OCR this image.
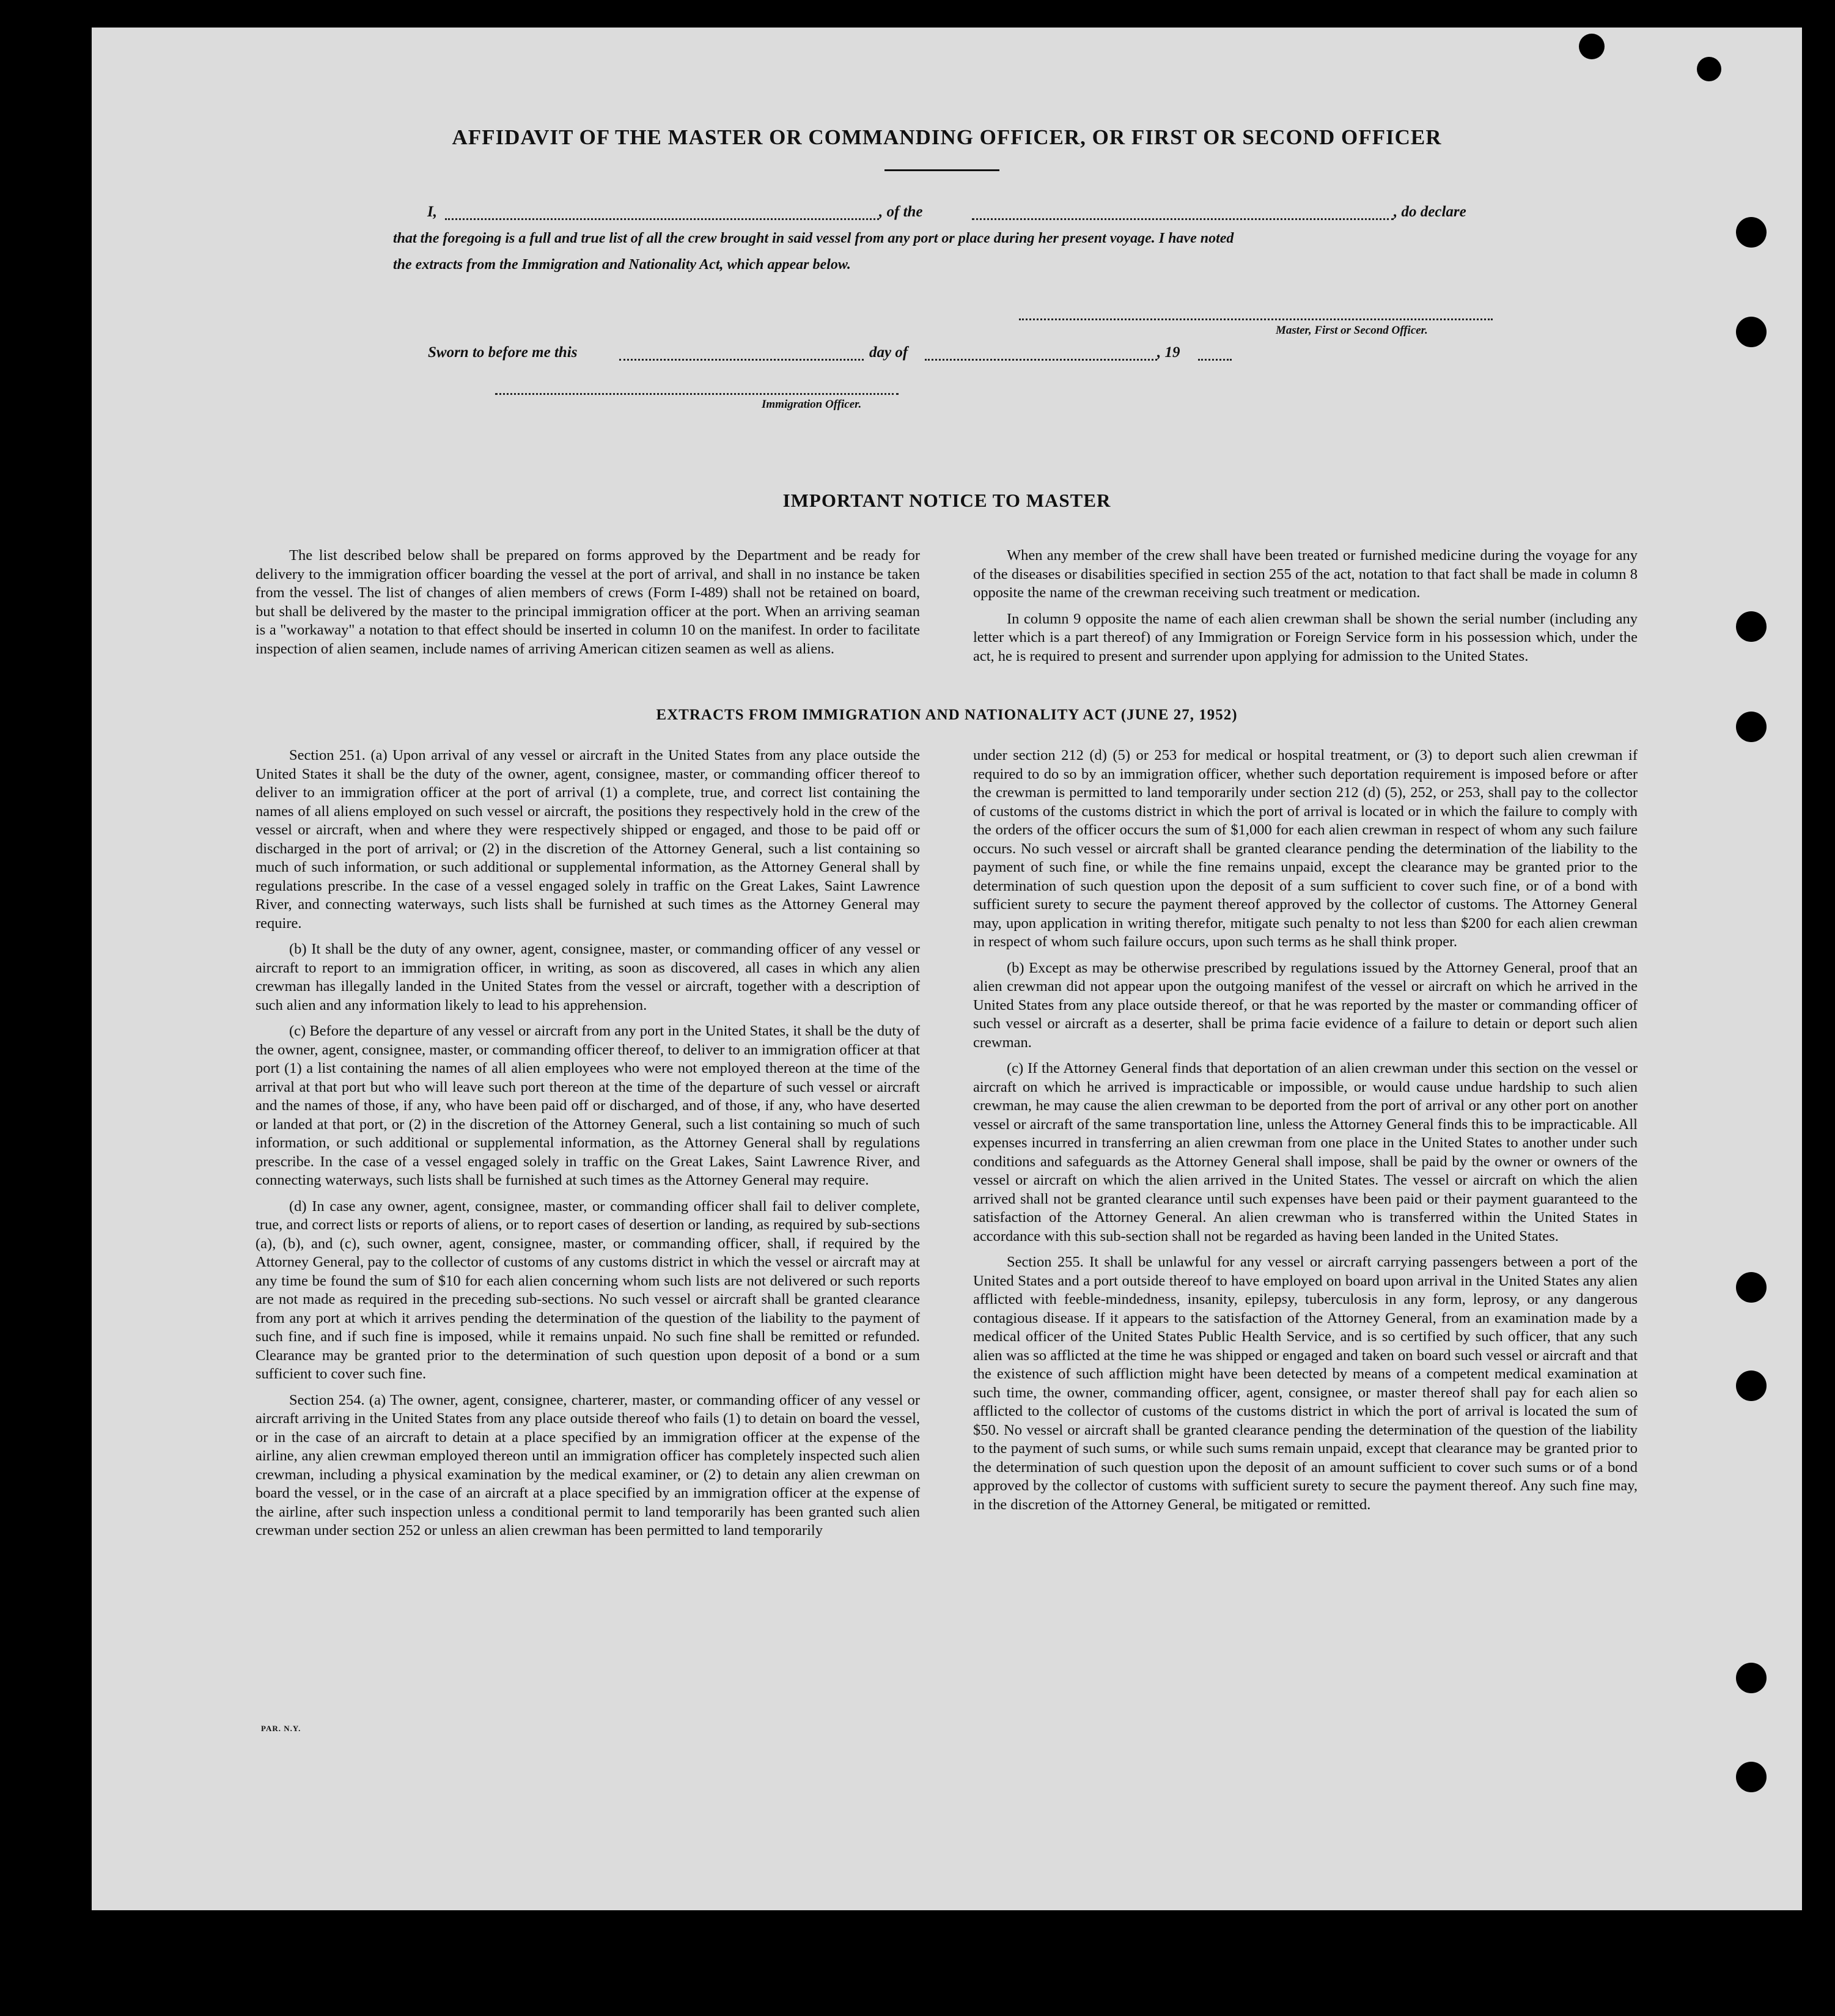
AFFIDAVIT OF THE MASTER OR COMMANDING OFFICER, OR FIRST OR SECOND OFFICER
I,	, of the	, do declare
that the foregoing is a full and true list of all the crew brought in said vessel from any port or place during her present voyage. I have noted
the extracts from the Immigration and Nationality Act, which appear below.
Master, First or Second Officer.
Sworn to before me this	day of	, 19
Immigration Officer.
IMPORTANT NOTICE TO MASTER

The list described below shall be prepared on forms approved by the Department and be ready for delivery to the immigration officer boarding the vessel at the port of arrival, and shall in no instance be taken from the vessel. The list of changes of alien members of crews (Form I-489) shall not be retained on board, but shall be delivered by the master to the principal immigration officer at the port. When an arriving seaman is a "workaway" a notation to that effect should be inserted in column 10 on the manifest. In order to facilitate inspection of alien seamen, include names of arriving American citizen seamen as well as aliens.

When any member of the crew shall have been treated or furnished medicine during the voyage for any of the diseases or disabilities specified in section 255 of the act, notation to that fact shall be made in column 8 opposite the name of the crewman receiving such treatment or medication.

In column 9 opposite the name of each alien crewman shall be shown the serial number (including any letter which is a part thereof) of any Immigration or Foreign Service form in his possession which, under the act, he is required to present and surrender upon applying for admission to the United States.

EXTRACTS FROM IMMIGRATION AND NATIONALITY ACT (JUNE 27, 1952)

Section 251. (a) Upon arrival of any vessel or aircraft in the United States from any place outside the United States it shall be the duty of the owner, agent, consignee, master, or commanding officer thereof to deliver to an immigration officer at the port of arrival (1) a complete, true, and correct list containing the names of all aliens employed on such vessel or aircraft, the positions they respectively hold in the crew of the vessel or aircraft, when and where they were respectively shipped or engaged, and those to be paid off or discharged in the port of arrival; or (2) in the discretion of the Attorney General, such a list containing so much of such information, or such additional or supplemental information, as the Attorney General shall by regulations prescribe. In the case of a vessel engaged solely in traffic on the Great Lakes, Saint Lawrence River, and connecting waterways, such lists shall be furnished at such times as the Attorney General may require.

(b) It shall be the duty of any owner, agent, consignee, master, or commanding officer of any vessel or aircraft to report to an immigration officer, in writing, as soon as discovered, all cases in which any alien crewman has illegally landed in the United States from the vessel or aircraft, together with a description of such alien and any information likely to lead to his apprehension.

(c) Before the departure of any vessel or aircraft from any port in the United States, it shall be the duty of the owner, agent, consignee, master, or commanding officer thereof, to deliver to an immigration officer at that port (1) a list containing the names of all alien employees who were not employed thereon at the time of the arrival at that port but who will leave such port thereon at the time of the departure of such vessel or aircraft and the names of those, if any, who have been paid off or discharged, and of those, if any, who have deserted or landed at that port, or (2) in the discretion of the Attorney General, such a list containing so much of such information, or such additional or supplemental information, as the Attorney General shall by regulations prescribe. In the case of a vessel engaged solely in traffic on the Great Lakes, Saint Lawrence River, and connecting waterways, such lists shall be furnished at such times as the Attorney General may require.

(d) In case any owner, agent, consignee, master, or commanding officer shall fail to deliver complete, true, and correct lists or reports of aliens, or to report cases of desertion or landing, as required by sub-sections (a), (b), and (c), such owner, agent, consignee, master, or commanding officer, shall, if required by the Attorney General, pay to the collector of customs of any customs district in which the vessel or aircraft may at any time be found the sum of $10 for each alien concerning whom such lists are not delivered or such reports are not made as required in the preceding sub-sections. No such vessel or aircraft shall be granted clearance from any port at which it arrives pending the determination of the question of the liability to the payment of such fine, and if such fine is imposed, while it remains unpaid. No such fine shall be remitted or refunded. Clearance may be granted prior to the determination of such question upon deposit of a bond or a sum sufficient to cover such fine.

Section 254. (a) The owner, agent, consignee, charterer, master, or commanding officer of any vessel or aircraft arriving in the United States from any place outside thereof who fails (1) to detain on board the vessel, or in the case of an aircraft to detain at a place specified by an immigration officer at the expense of the airline, any alien crewman employed thereon until an immigration officer has completely inspected such alien crewman, including a physical examination by the medical examiner, or (2) to detain any alien crewman on board the vessel, or in the case of an aircraft at a place specified by an immigration officer at the expense of the airline, after such inspection unless a conditional permit to land temporarily has been granted such alien crewman under section 252 or unless an alien crewman has been permitted to land temporarily

under section 212 (d) (5) or 253 for medical or hospital treatment, or (3) to deport such alien crewman if required to do so by an immigration officer, whether such deportation requirement is imposed before or after the crewman is permitted to land temporarily under section 212 (d) (5), 252, or 253, shall pay to the collector of customs of the customs district in which the port of arrival is located or in which the failure to comply with the orders of the officer occurs the sum of $1,000 for each alien crewman in respect of whom any such failure occurs. No such vessel or aircraft shall be granted clearance pending the determination of the liability to the payment of such fine, or while the fine remains unpaid, except the clearance may be granted prior to the determination of such question upon the deposit of a sum sufficient to cover such fine, or of a bond with sufficient surety to secure the payment thereof approved by the collector of customs. The Attorney General may, upon application in writing therefor, mitigate such penalty to not less than $200 for each alien crewman in respect of whom such failure occurs, upon such terms as he shall think proper.

(b) Except as may be otherwise prescribed by regulations issued by the Attorney General, proof that an alien crewman did not appear upon the outgoing manifest of the vessel or aircraft on which he arrived in the United States from any place outside thereof, or that he was reported by the master or commanding officer of such vessel or aircraft as a deserter, shall be prima facie evidence of a failure to detain or deport such alien crewman.

(c) If the Attorney General finds that deportation of an alien crewman under this section on the vessel or aircraft on which he arrived is impracticable or impossible, or would cause undue hardship to such alien crewman, he may cause the alien crewman to be deported from the port of arrival or any other port on another vessel or aircraft of the same transportation line, unless the Attorney General finds this to be impracticable. All expenses incurred in transferring an alien crewman from one place in the United States to another under such conditions and safeguards as the Attorney General shall impose, shall be paid by the owner or owners of the vessel or aircraft on which the alien arrived in the United States. The vessel or aircraft on which the alien arrived shall not be granted clearance until such expenses have been paid or their payment guaranteed to the satisfaction of the Attorney General. An alien crewman who is transferred within the United States in accordance with this sub-section shall not be regarded as having been landed in the United States.

Section 255. It shall be unlawful for any vessel or aircraft carrying passengers between a port of the United States and a port outside thereof to have employed on board upon arrival in the United States any alien afflicted with feeble-mindedness, insanity, epilepsy, tuberculosis in any form, leprosy, or any dangerous contagious disease. If it appears to the satisfaction of the Attorney General, from an examination made by a medical officer of the United States Public Health Service, and is so certified by such officer, that any such alien was so afflicted at the time he was shipped or engaged and taken on board such vessel or aircraft and that the existence of such affliction might have been detected by means of a competent medical examination at such time, the owner, commanding officer, agent, consignee, or master thereof shall pay for each alien so afflicted to the collector of customs of the customs district in which the port of arrival is located the sum of $50. No vessel or aircraft shall be granted clearance pending the determination of the question of the liability to the payment of such sums, or while such sums remain unpaid, except that clearance may be granted prior to the determination of such question upon the deposit of an amount sufficient to cover such sums or of a bond approved by the collector of customs with sufficient surety to secure the payment thereof. Any such fine may, in the discretion of the Attorney General, be mitigated or remitted.

PAR. N.Y.
